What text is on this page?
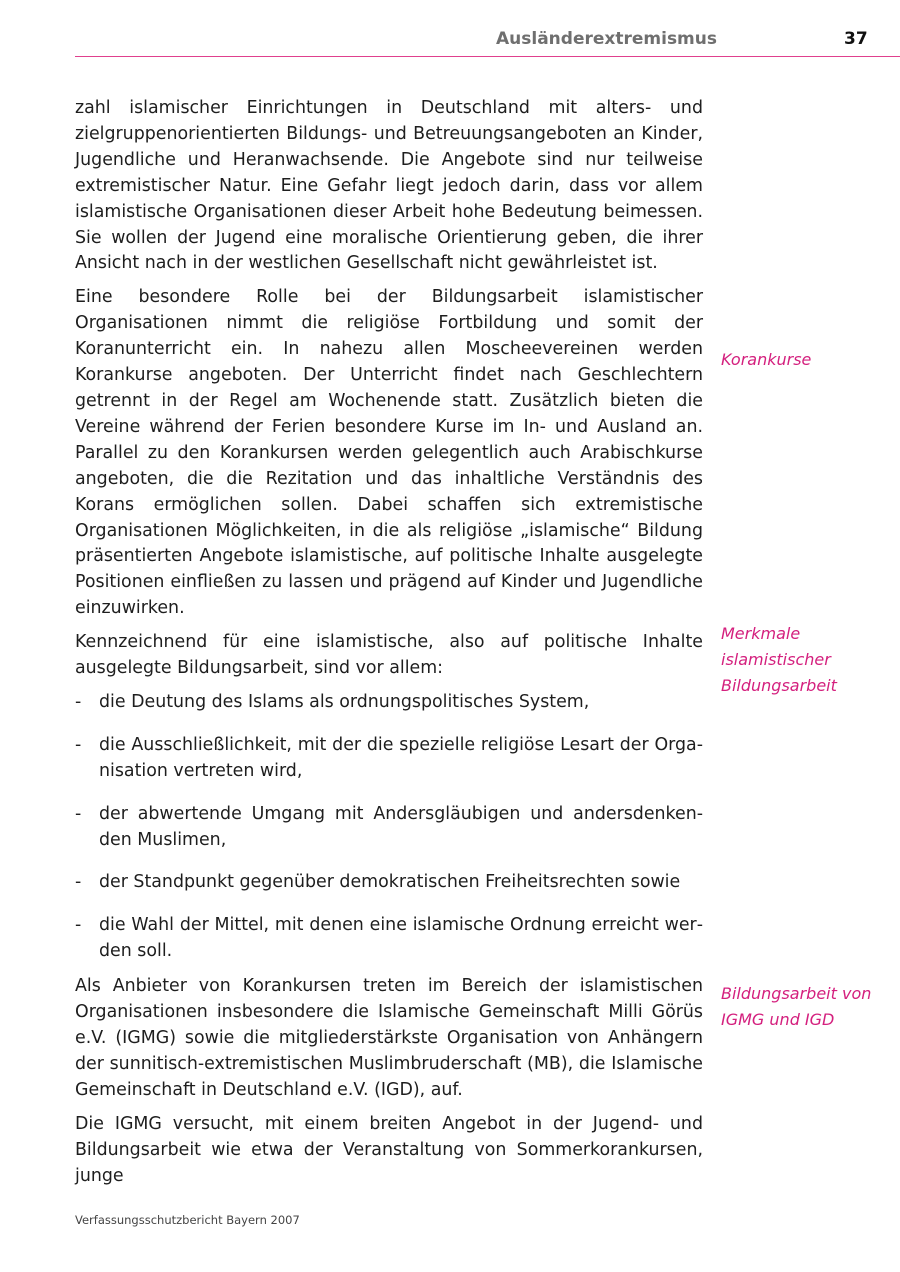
Ausländerextremismus	37

zahl islamischer Einrichtungen in Deutschland mit alters- und zielgruppenorientierten Bildungs- und Betreuungsangeboten an Kinder, Jugendliche und Heranwachsende. Die Angebote sind nur teilweise extremistischer Natur. Eine Gefahr liegt jedoch darin, dass vor allem islamistische Organisationen dieser Arbeit hohe Bedeutung beimessen. Sie wollen der Jugend eine moralische Orientierung geben, die ihrer Ansicht nach in der westlichen Gesellschaft nicht gewährleistet ist.

Eine besondere Rolle bei der Bildungsarbeit islamistischer Organisationen nimmt die religiöse Fortbildung und somit der Koranunterricht ein. In nahezu allen Moscheevereinen werden Korankurse angeboten. Der Unterricht findet nach Geschlechtern getrennt in der Regel am Wochenende statt. Zusätzlich bieten die Vereine während der Ferien besondere Kurse im In- und Ausland an. Parallel zu den Korankursen werden gelegentlich auch Arabischkurse angeboten, die die Rezitation und das inhaltliche Verständnis des Korans ermöglichen sollen. Dabei schaffen sich extremistische Organisationen Möglichkeiten, in die als religiöse „islamische“ Bildung präsentierten Angebote islamistische, auf politische Inhalte ausgelegte Positionen einfließen zu lassen und prägend auf Kinder und Jugendliche einzuwirken.

Kennzeichnend für eine islamistische, also auf politische Inhalte ausgelegte Bildungsarbeit, sind vor allem:

- die Deutung des Islams als ordnungspolitisches System,
- die Ausschließlichkeit, mit der die spezielle religiöse Lesart der Organisation vertreten wird,
- der abwertende Umgang mit Andersgläubigen und andersdenkenden Muslimen,
- der Standpunkt gegenüber demokratischen Freiheitsrechten sowie
- die Wahl der Mittel, mit denen eine islamische Ordnung erreicht werden soll.

Als Anbieter von Korankursen treten im Bereich der islamistischen Organisationen insbesondere die Islamische Gemeinschaft Milli Görüs e.V. (IGMG) sowie die mitgliederstärkste Organisation von Anhängern der sunnitisch-extremistischen Muslimbruderschaft (MB), die Islamische Gemeinschaft in Deutschland e.V. (IGD), auf.

Die IGMG versucht, mit einem breiten Angebot in der Jugend- und Bildungsarbeit wie etwa der Veranstaltung von Sommerkorankursen, junge

Korankurse
Merkmale islamistischer Bildungsarbeit
Bildungsarbeit von IGMG und IGD
Verfassungsschutzbericht Bayern 2007
